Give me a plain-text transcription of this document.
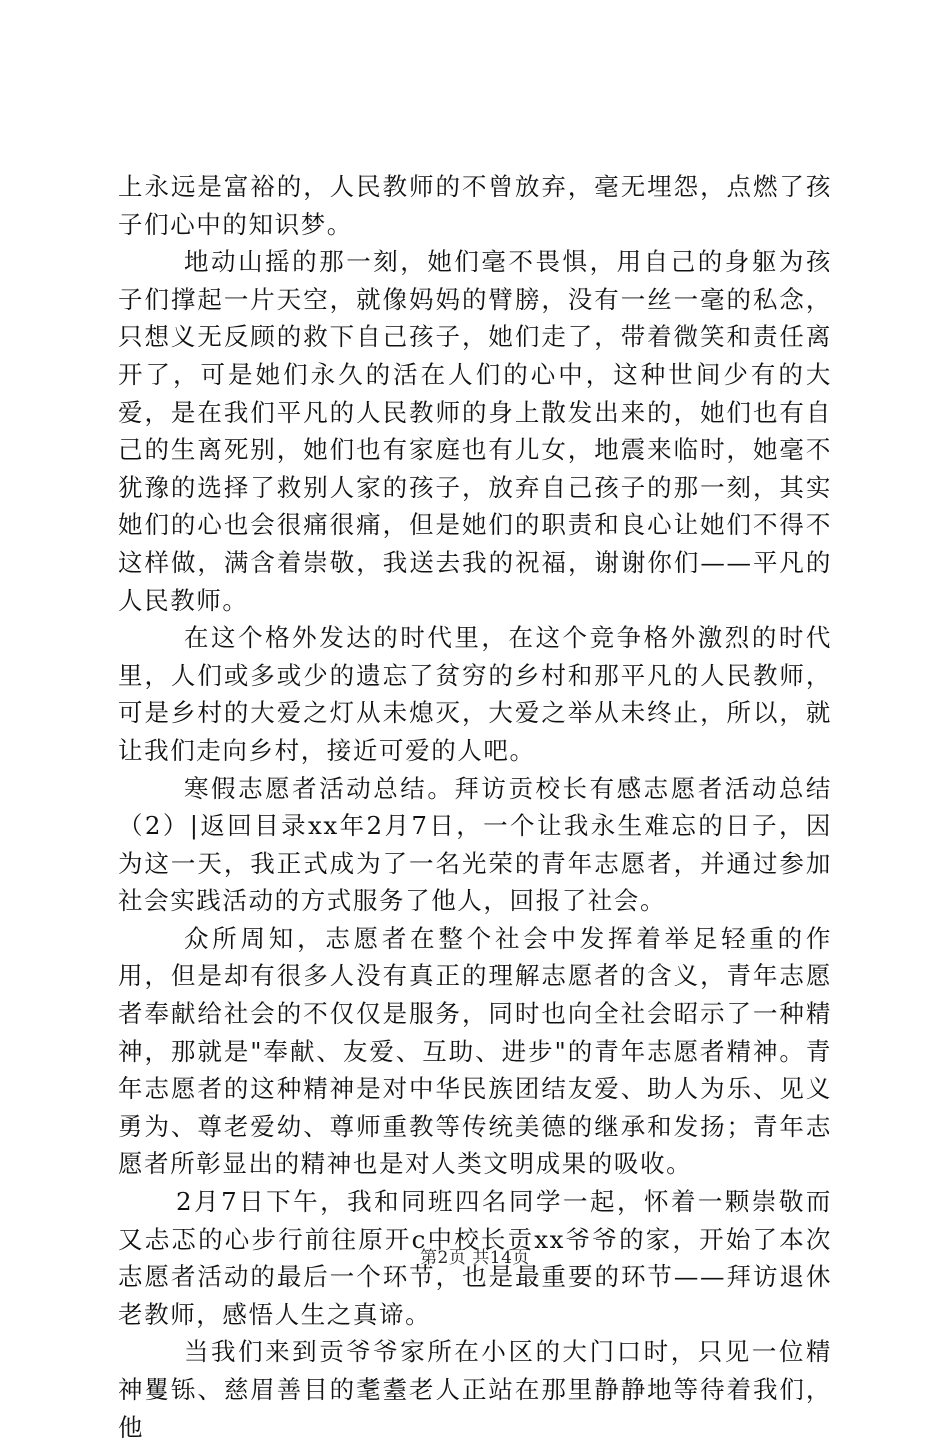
上永远是富裕的，人民教师的不曾放弃，毫无埋怨，点燃了孩子们心中的知识梦。

地动山摇的那一刻，她们毫不畏惧，用自己的身躯为孩子们撑起一片天空，就像妈妈的臂膀，没有一丝一毫的私念，只想义无反顾的救下自己孩子，她们走了，带着微笑和责任离开了，可是她们永久的活在人们的心中，这种世间少有的大爱，是在我们平凡的人民教师的身上散发出来的，她们也有自己的生离死别，她们也有家庭也有儿女，地震来临时，她毫不犹豫的选择了救别人家的孩子，放弃自己孩子的那一刻，其实她们的心也会很痛很痛，但是她们的职责和良心让她们不得不这样做，满含着崇敬，我送去我的祝福，谢谢你们——平凡的人民教师。

在这个格外发达的时代里，在这个竞争格外激烈的时代里，人们或多或少的遗忘了贫穷的乡村和那平凡的人民教师，可是乡村的大爱之灯从未熄灭，大爱之举从未终止，所以，就让我们走向乡村，接近可爱的人吧。

寒假志愿者活动总结。拜访贡校长有感志愿者活动总结（2）|返回目录xx年2月7日，一个让我永生难忘的日子，因为这一天，我正式成为了一名光荣的青年志愿者，并通过参加社会实践活动的方式服务了他人，回报了社会。

众所周知，志愿者在整个社会中发挥着举足轻重的作用，但是却有很多人没有真正的理解志愿者的含义，青年志愿者奉献给社会的不仅仅是服务，同时也向全社会昭示了一种精神，那就是"奉献、友爱、互助、进步"的青年志愿者精神。青年志愿者的这种精神是对中华民族团结友爱、助人为乐、见义勇为、尊老爱幼、尊师重教等传统美德的继承和发扬；青年志愿者所彰显出的精神也是对人类文明成果的吸收。

2月7日下午，我和同班四名同学一起，怀着一颗崇敬而又忐忑的心步行前往原开c中校长贡xx爷爷的家，开始了本次志愿者活动的最后一个环节，也是最重要的环节——拜访退休老教师，感悟人生之真谛。

当我们来到贡爷爷家所在小区的大门口时，只见一位精神矍铄、慈眉善目的耄耋老人正站在那里静静地等待着我们，他

第2页 共14页
